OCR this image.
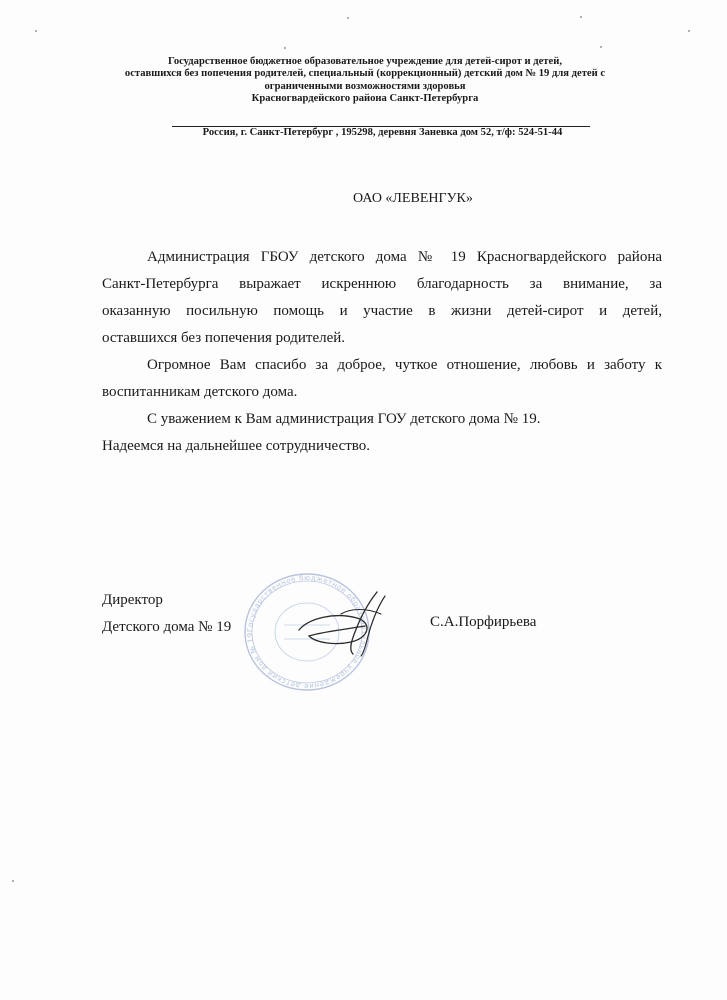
Государственное бюджетное образовательное учреждение для детей-сирот и детей,
оставшихся без попечения родителей, специальный (коррекционный) детский дом № 19 для детей с
ограниченными возможностями здоровья
Красногвардейского района Санкт-Петербурга
Россия, г. Санкт-Петербург , 195298, деревня Заневка дом 52, т/ф: 524-51-44
ОАО «ЛЕВЕНГУК»
Администрация ГБОУ детского дома № 19 Красногвардейского района
Санкт-Петербурга выражает искреннюю благодарность за внимание, за
оказанную посильную помощь и участие в жизни детей-сирот и детей,
оставшихся без попечения родителей.
Огромное Вам спасибо за доброе, чуткое отношение, любовь и заботу к
воспитанникам детского дома.
С уважением к Вам администрация ГОУ детского дома № 19.
Надеемся на дальнейшее сотрудничество.
Государственное бюджетное образовательное учреждение детский дом № 19
Директор
Детского дома № 19	С.А.Порфирьева
